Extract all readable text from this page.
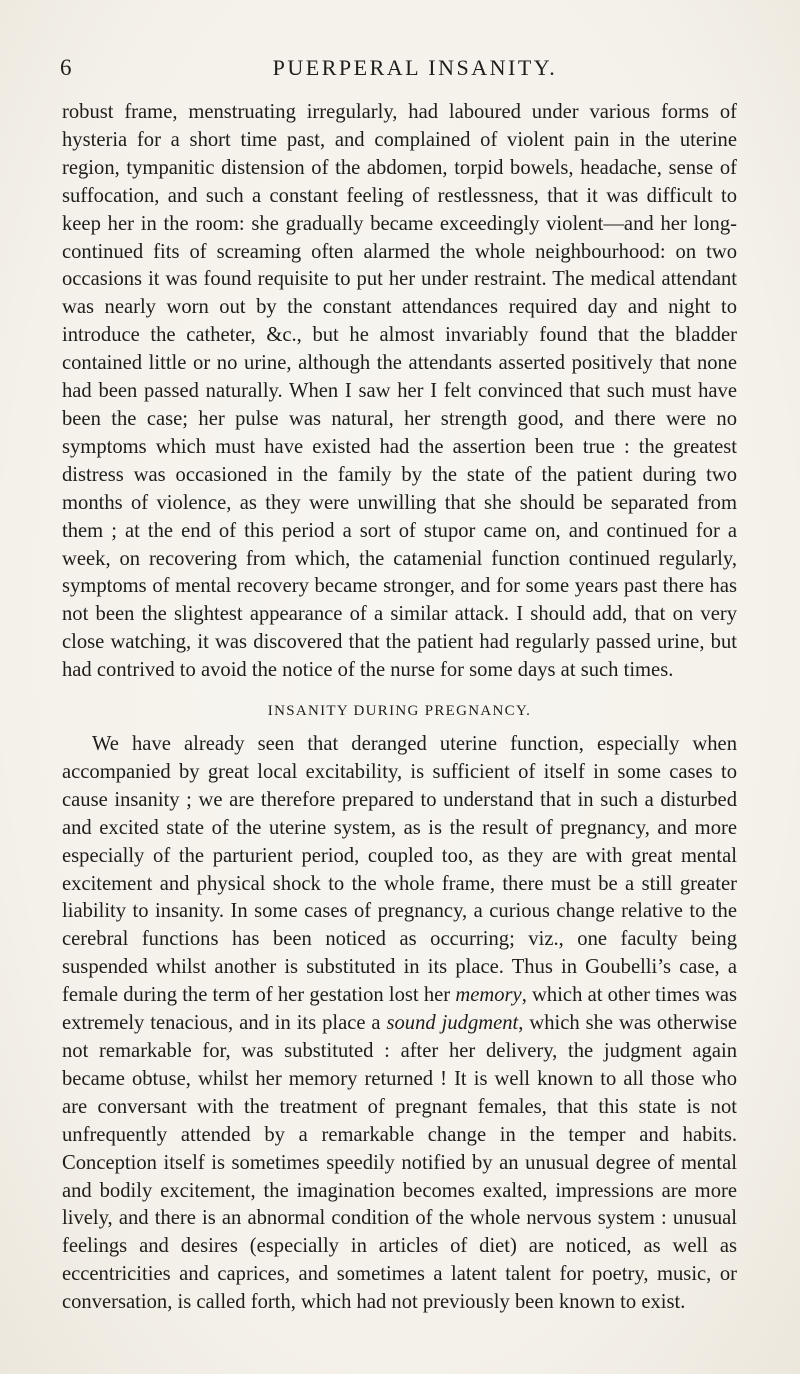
6	PUERPERAL INSANITY.

robust frame, menstruating irregularly, had laboured under various forms of hysteria for a short time past, and complained of violent pain in the uterine region, tympanitic distension of the abdomen, torpid bowels, headache, sense of suffocation, and such a constant feeling of restlessness, that it was difficult to keep her in the room: she gradually became exceedingly violent—and her long-continued fits of screaming often alarmed the whole neighbourhood: on two occasions it was found requisite to put her under restraint. The medical attendant was nearly worn out by the constant attendances required day and night to introduce the catheter, &c., but he almost invariably found that the bladder contained little or no urine, although the attendants asserted positively that none had been passed naturally. When I saw her I felt convinced that such must have been the case; her pulse was natural, her strength good, and there were no symptoms which must have existed had the assertion been true : the greatest distress was occasioned in the family by the state of the patient during two months of violence, as they were unwilling that she should be separated from them ; at the end of this period a sort of stupor came on, and continued for a week, on recovering from which, the catamenial function continued regularly, symptoms of mental recovery became stronger, and for some years past there has not been the slightest appearance of a similar attack. I should add, that on very close watching, it was discovered that the patient had regularly passed urine, but had contrived to avoid the notice of the nurse for some days at such times.

INSANITY DURING PREGNANCY.

We have already seen that deranged uterine function, especially when accompanied by great local excitability, is sufficient of itself in some cases to cause insanity ; we are therefore prepared to understand that in such a disturbed and excited state of the uterine system, as is the result of pregnancy, and more especially of the parturient period, coupled too, as they are with great mental excitement and physical shock to the whole frame, there must be a still greater liability to insanity. In some cases of pregnancy, a curious change relative to the cerebral functions has been noticed as occurring; viz., one faculty being suspended whilst another is substituted in its place. Thus in Goubelli’s case, a female during the term of her gestation lost her memory, which at other times was extremely tenacious, and in its place a sound judgment, which she was otherwise not remarkable for, was substituted : after her delivery, the judgment again became obtuse, whilst her memory returned ! It is well known to all those who are conversant with the treatment of pregnant females, that this state is not unfrequently attended by a remarkable change in the temper and habits. Conception itself is sometimes speedily notified by an unusual degree of mental and bodily excitement, the imagination becomes exalted, impressions are more lively, and there is an abnormal condition of the whole nervous system : unusual feelings and desires (especially in articles of diet) are noticed, as well as eccentricities and caprices, and sometimes a latent talent for poetry, music, or conversation, is called forth, which had not previously been known to exist.
